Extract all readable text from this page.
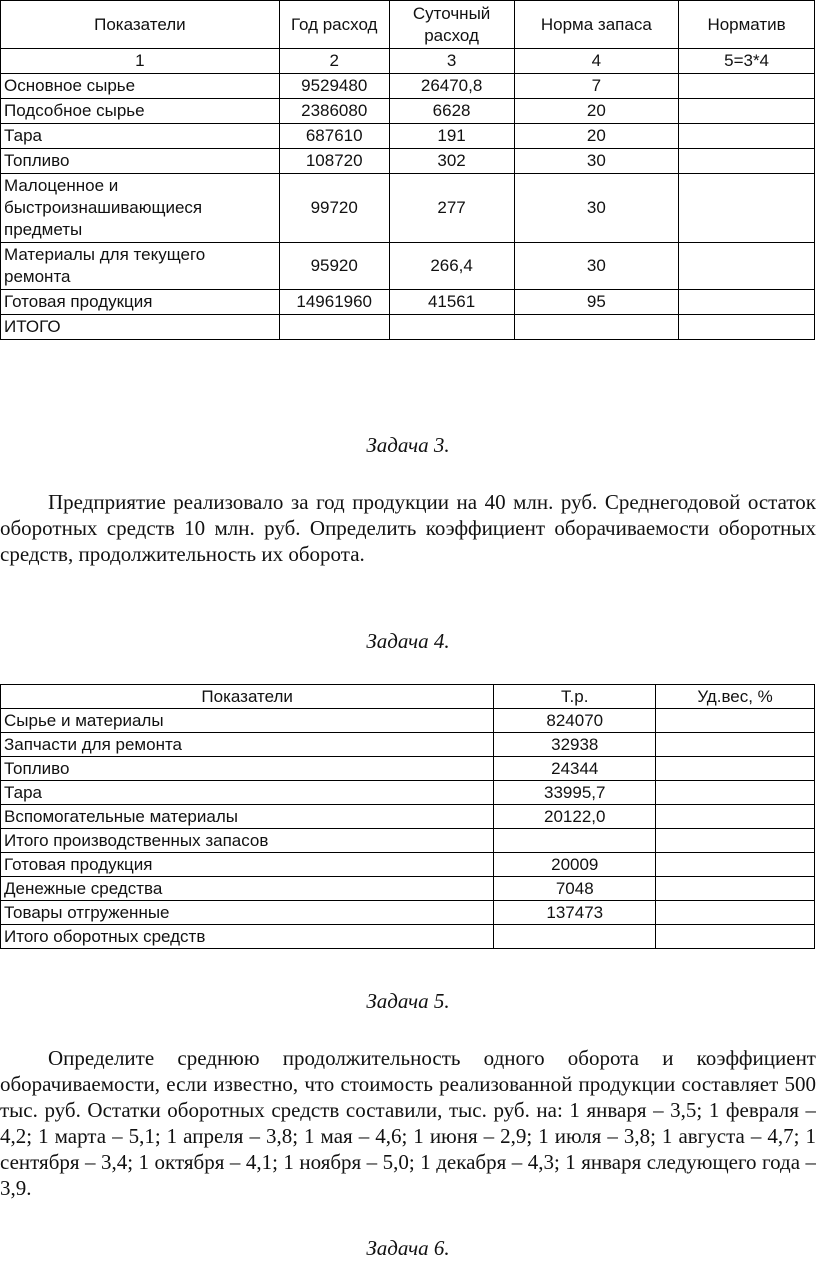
Показатели	Год расход	Суточный расход	Норма запаса	Норматив
1	2	3	4	5=3*4
Основное сырье	9529480	26470,8	7	
Подсобное сырье	2386080	6628	20	
Тара	687610	191	20	
Топливо	108720	302	30	
Малоценное и быстроизнашивающиеся предметы	99720	277	30	
Материалы для текущего ремонта	95920	266,4	30	
Готовая продукция	14961960	41561	95	
ИТОГО				
Задача 3.

Предприятие реализовало за год продукции на 40 млн. руб. Среднегодовой остаток оборотных средств 10 млн. руб. Определить коэффициент оборачиваемости оборотных средств, продолжительность их оборота.

Задача 4.
Показатели	Т.р.	Уд.вес, %
Сырье и материалы	824070	
Запчасти для ремонта	32938	
Топливо	24344	
Тара	33995,7	
Вспомогательные материалы	20122,0	
Итого производственных запасов		
Готовая продукция	20009	
Денежные средства	7048	
Товары отгруженные	137473	
Итого оборотных средств		
Задача 5.

Определите среднюю продолжительность одного оборота и коэффициент оборачиваемости, если известно, что стоимость реализованной продукции составляет 500 тыс. руб. Остатки оборотных средств составили, тыс. руб. на: 1 января – 3,5; 1 февраля – 4,2; 1 марта – 5,1; 1 апреля – 3,8; 1 мая – 4,6; 1 июня – 2,9; 1 июля – 3,8; 1 августа – 4,7; 1 сентября – 3,4; 1 октября – 4,1; 1 ноября – 5,0; 1 декабря – 4,3; 1 января следующего года – 3,9.

Задача 6.
